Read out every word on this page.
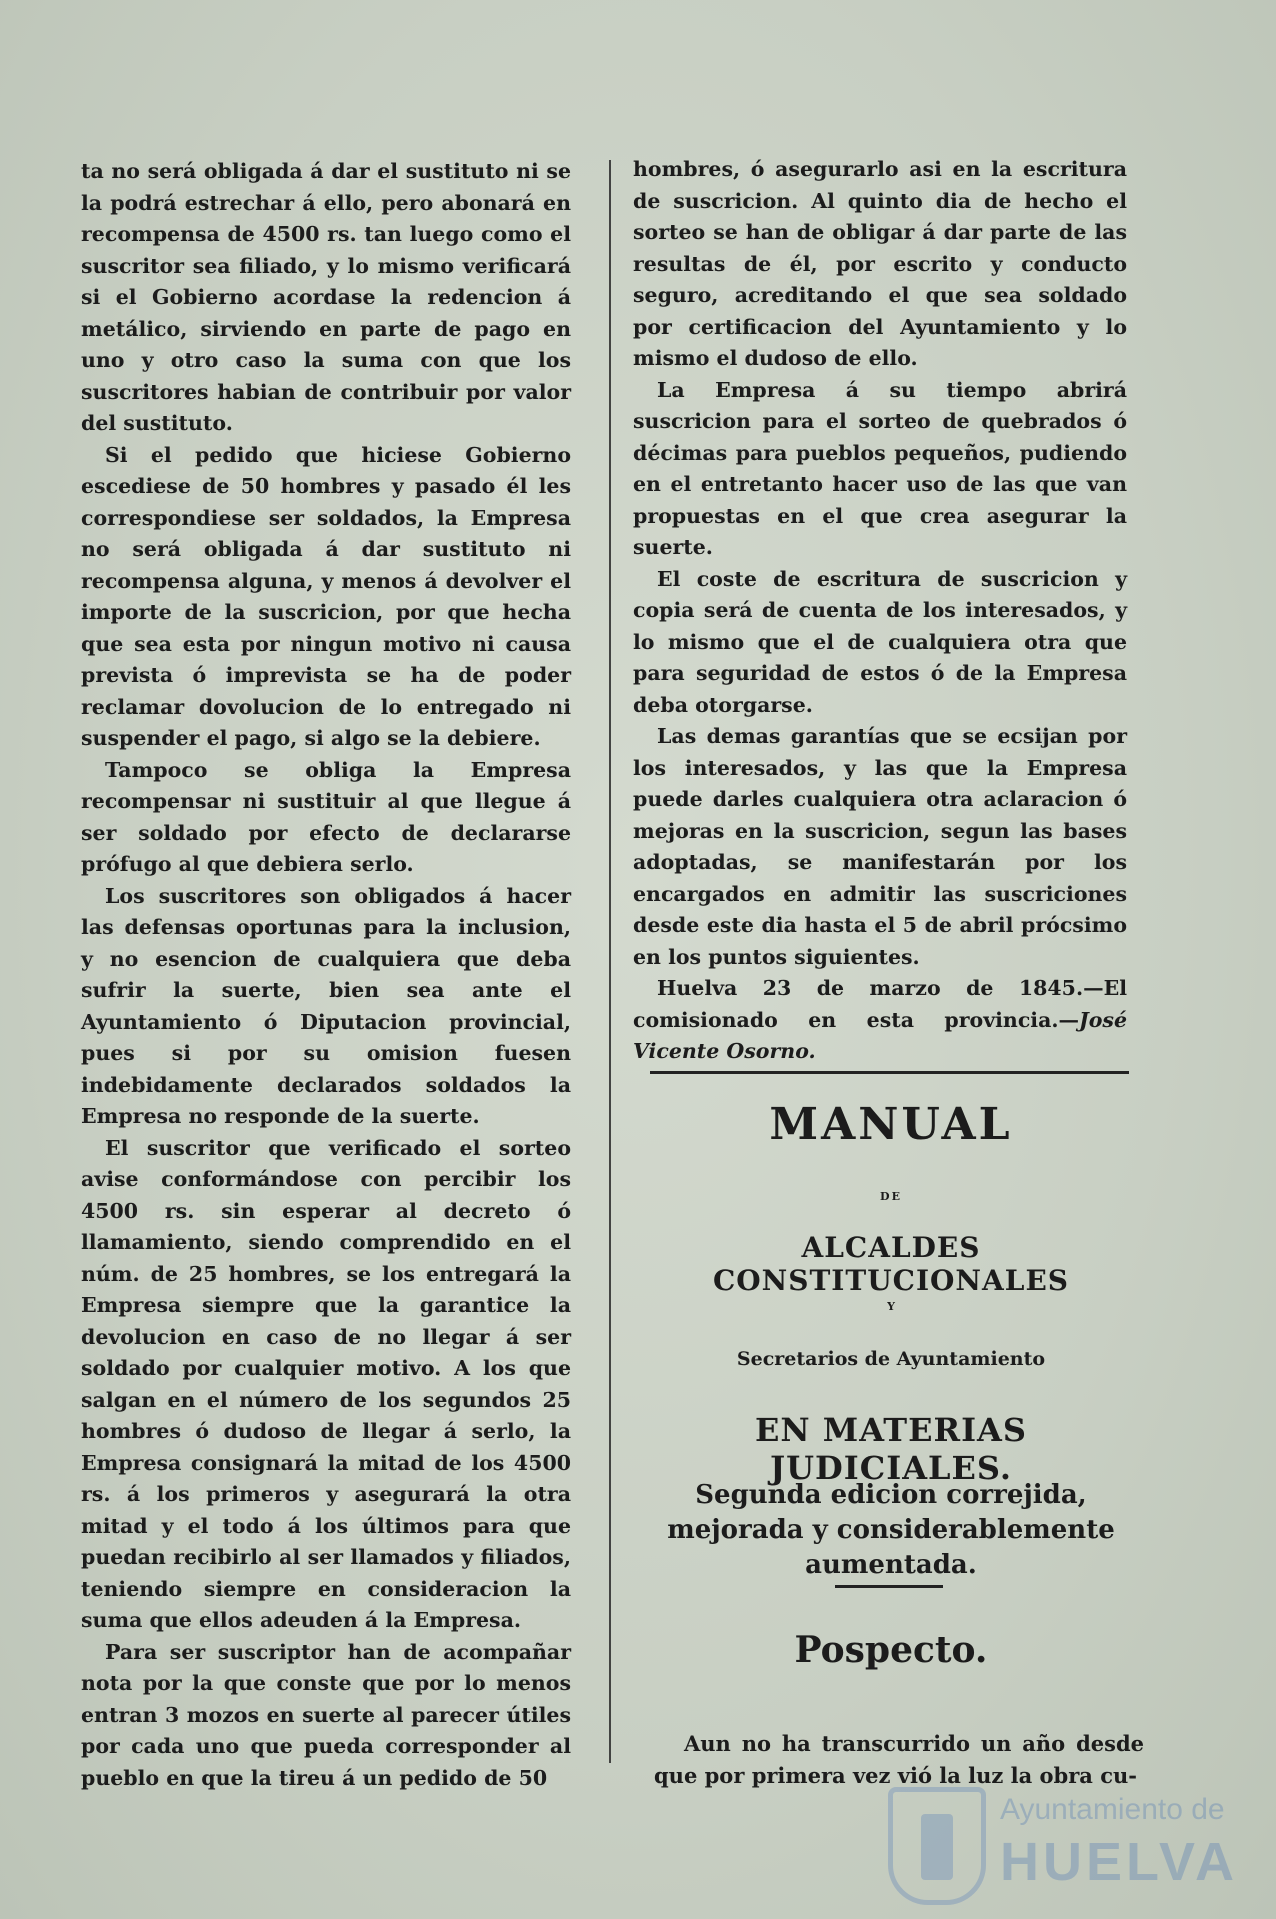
ta no será obligada á dar el sustituto ni se la podrá estrechar á ello, pero abonará en recompensa de 4500 rs. tan luego como el suscritor sea filiado, y lo mismo verificará si el Gobierno acordase la redencion á metálico, sirviendo en parte de pago en uno y otro caso la suma con que los suscritores habian de contribuir por valor del sustituto.

Si el pedido que hiciese Gobierno escediese de 50 hombres y pasado él les correspondiese ser soldados, la Empresa no será obligada á dar sustituto ni recompensa alguna, y menos á devolver el importe de la suscricion, por que hecha que sea esta por ningun motivo ni causa prevista ó imprevista se ha de poder reclamar dovolucion de lo entregado ni suspender el pago, si algo se la debiere.

Tampoco se obliga la Empresa recompensar ni sustituir al que llegue á ser soldado por efecto de declararse prófugo al que debiera serlo.

Los suscritores son obligados á hacer las defensas oportunas para la inclusion, y no esencion de cualquiera que deba sufrir la suerte, bien sea ante el Ayuntamiento ó Diputacion provincial, pues si por su omision fuesen indebidamente declarados soldados la Empresa no responde de la suerte.

El suscritor que verificado el sorteo avise conformándose con percibir los 4500 rs. sin esperar al decreto ó llamamiento, siendo comprendido en el núm. de 25 hombres, se los entregará la Empresa siempre que la garantice la devolucion en caso de no llegar á ser soldado por cualquier motivo. A los que salgan en el número de los segundos 25 hombres ó dudoso de llegar á serlo, la Empresa consignará la mitad de los 4500 rs. á los primeros y asegurará la otra mitad y el todo á los últimos para que puedan recibirlo al ser llamados y filiados, teniendo siempre en consideracion la suma que ellos adeuden á la Empresa.

Para ser suscriptor han de acompañar nota por la que conste que por lo menos entran 3 mozos en suerte al parecer útiles por cada uno que pueda corresponder al pueblo en que la tireu á un pedido de 50

hombres, ó asegurarlo asi en la escritura de suscricion. Al quinto dia de hecho el sorteo se han de obligar á dar parte de las resultas de él, por escrito y conducto seguro, acreditando el que sea soldado por certificacion del Ayuntamiento y lo mismo el dudoso de ello.

La Empresa á su tiempo abrirá suscricion para el sorteo de quebrados ó décimas para pueblos pequeños, pudiendo en el entretanto hacer uso de las que van propuestas en el que crea asegurar la suerte.

El coste de escritura de suscricion y copia será de cuenta de los interesados, y lo mismo que el de cualquiera otra que para seguridad de estos ó de la Empresa deba otorgarse.

Las demas garantías que se ecsijan por los interesados, y las que la Empresa puede darles cualquiera otra aclaracion ó mejoras en la suscricion, segun las bases adoptadas, se manifestarán por los encargados en admitir las suscriciones desde este dia hasta el 5 de abril prócsimo en los puntos siguientes.

Huelva 23 de marzo de 1845.—El comisionado en esta provincia.—José Vicente Osorno.

MANUAL
DE
ALCALDES CONSTITUCIONALES
Y
Secretarios de Ayuntamiento
EN MATERIAS JUDICIALES.
Segunda edicion correjida, mejorada y considerablemente aumentada.
Pospecto.

Aun no ha transcurrido un año desde que por primera vez vió la luz la obra cu-

Ayuntamiento de
HUELVA
